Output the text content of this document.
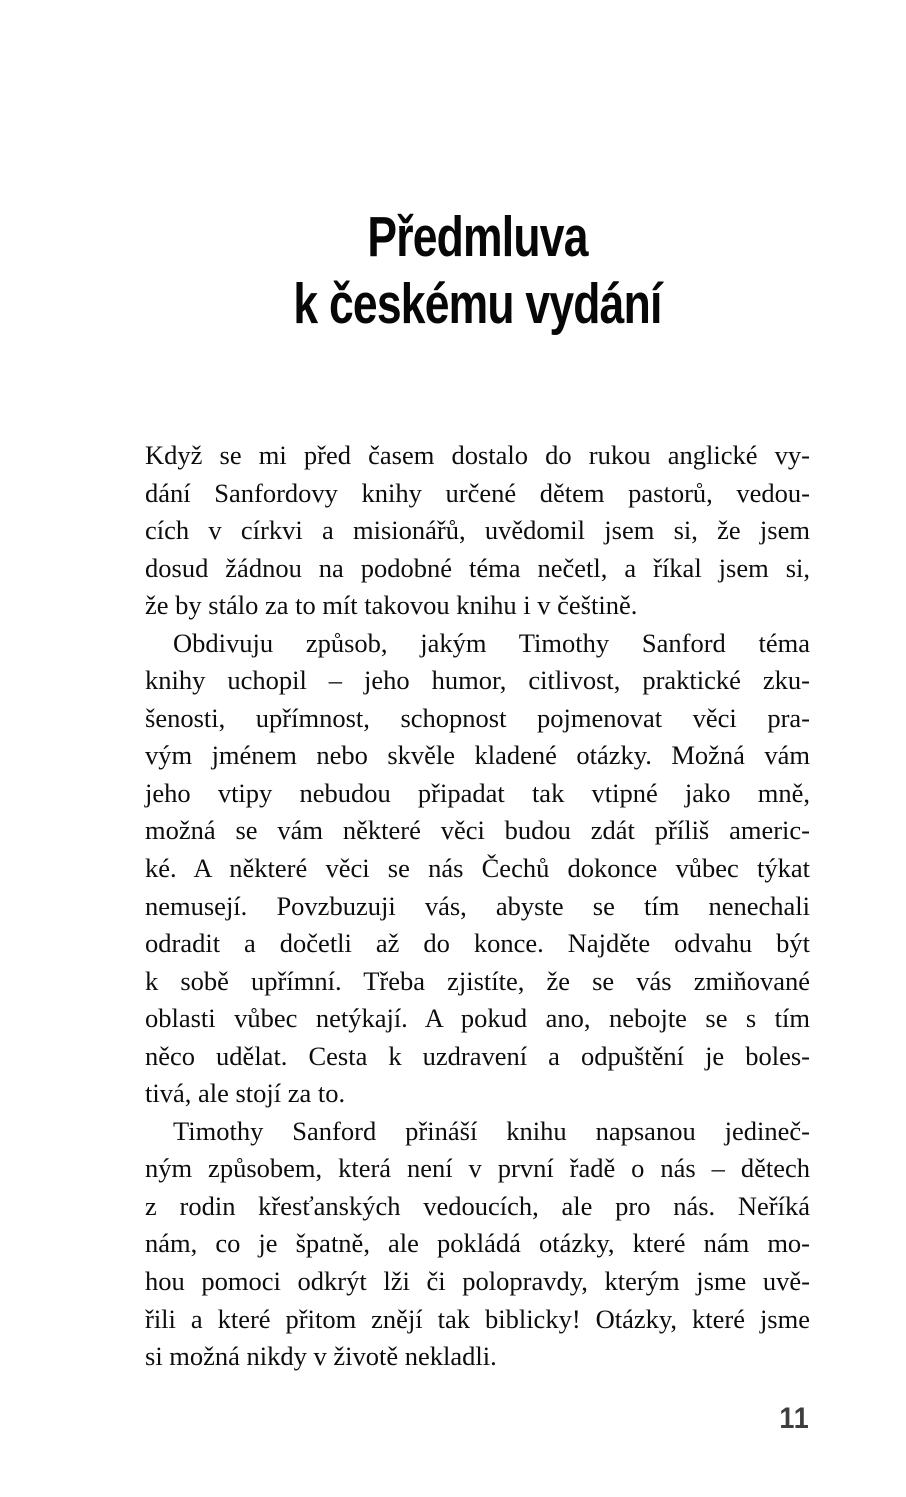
Předmluva
k českému vydání
Když se mi před časem dostalo do rukou anglické vy-
dání Sanfordovy knihy určené dětem pastorů, vedou-
cích v církvi a misionářů, uvědomil jsem si, že jsem
dosud žádnou na podobné téma nečetl, a říkal jsem si,
že by stálo za to mít takovou knihu i v češtině.
Obdivuju způsob, jakým Timothy Sanford téma
knihy uchopil – jeho humor, citlivost, praktické zku-
šenosti, upřímnost, schopnost pojmenovat věci pra-
vým jménem nebo skvěle kladené otázky. Možná vám
jeho vtipy nebudou připadat tak vtipné jako mně,
možná se vám některé věci budou zdát příliš americ-
ké. A některé věci se nás Čechů dokonce vůbec týkat
nemusejí. Povzbuzuji vás, abyste se tím nenechali
odradit a dočetli až do konce. Najděte odvahu být
k sobě upřímní. Třeba zjistíte, že se vás zmiňované
oblasti vůbec netýkají. A pokud ano, nebojte se s tím
něco udělat. Cesta k uzdravení a odpuštění je boles-
tivá, ale stojí za to.
Timothy Sanford přináší knihu napsanou jedineč-
ným způsobem, která není v první řadě o nás – dětech
z rodin křesťanských vedoucích, ale pro nás. Neříká
nám, co je špatně, ale pokládá otázky, které nám mo-
hou pomoci odkrýt lži či polopravdy, kterým jsme uvě-
řili a které přitom znějí tak biblicky! Otázky, které jsme
si možná nikdy v životě nekladli.
11
